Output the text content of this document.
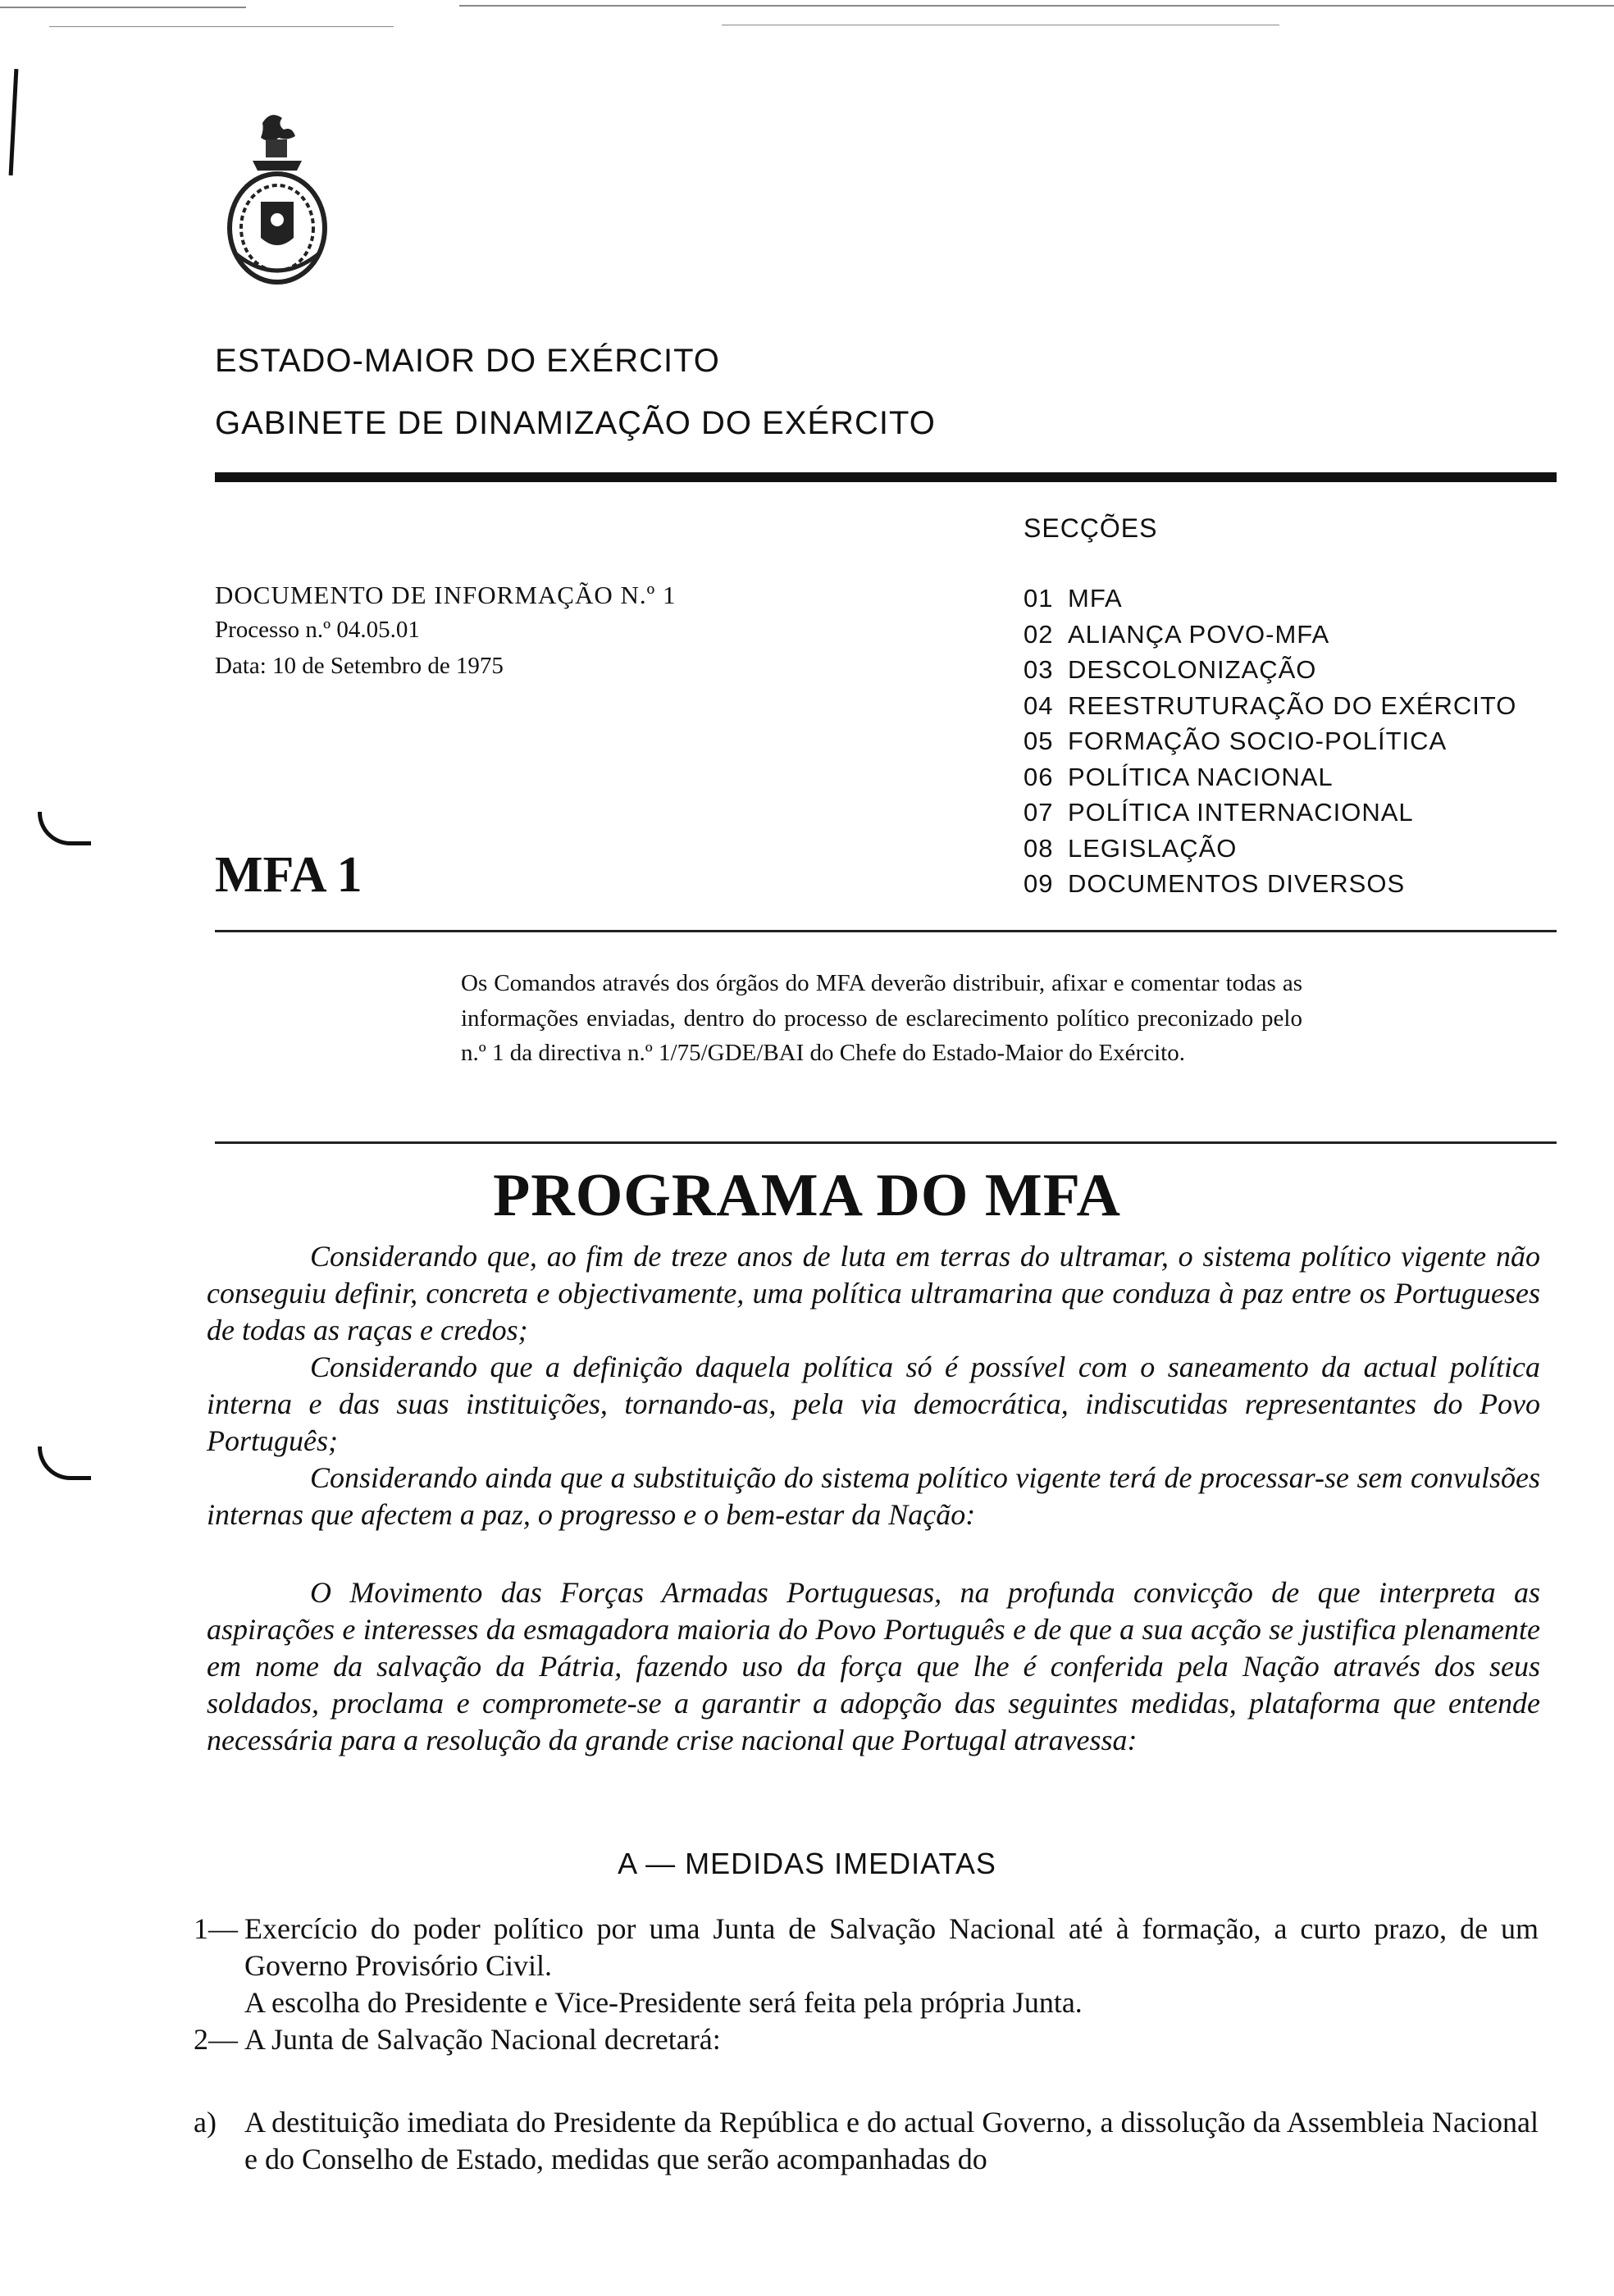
ESTADO-MAIOR DO EXÉRCITO
GABINETE DE DINAMIZAÇÃO DO EXÉRCITO
SECÇÕES
DOCUMENTO DE INFORMAÇÃO N.º 1
Processo n.º 04.05.01
Data: 10 de Setembro de 1975
01 MFA
02 ALIANÇA POVO-MFA
03 DESCOLONIZAÇÃO
04 REESTRUTURAÇÃO DO EXÉRCITO
05 FORMAÇÃO SOCIO-POLÍTICA
06 POLÍTICA NACIONAL
07 POLÍTICA INTERNACIONAL
08 LEGISLAÇÃO
09 DOCUMENTOS DIVERSOS
MFA 1
Os Comandos através dos órgãos do MFA deverão distribuir, afixar e comentar todas as informações enviadas, dentro do processo de esclarecimento político preconizado pelo n.º 1 da directiva n.º 1/75/GDE/BAI do Chefe do Estado-Maior do Exército.
PROGRAMA DO MFA

Considerando que, ao fim de treze anos de luta em terras do ultramar, o sistema político vigente não conseguiu definir, concreta e objectivamente, uma política ultramarina que conduza à paz entre os Portugueses de todas as raças e credos;

Considerando que a definição daquela política só é possível com o saneamento da actual política interna e das suas instituições, tornando-as, pela via democrática, indiscutidas representantes do Povo Português;

Considerando ainda que a substituição do sistema político vigente terá de processar-se sem convulsões internas que afectem a paz, o progresso e o bem-estar da Nação:

O Movimento das Forças Armadas Portuguesas, na profunda convicção de que interpreta as aspirações e interesses da esmagadora maioria do Povo Português e de que a sua acção se justifica plenamente em nome da salvação da Pátria, fazendo uso da força que lhe é conferida pela Nação através dos seus soldados, proclama e compromete-se a garantir a adopção das seguintes medidas, plataforma que entende necessária para a resolução da grande crise nacional que Portugal atravessa:

A — MEDIDAS IMEDIATAS
1— Exercício do poder político por uma Junta de Salvação Nacional até à formação, a curto prazo, de um Governo Provisório Civil.

A escolha do Presidente e Vice-Presidente será feita pela própria Junta.

2— A Junta de Salvação Nacional decretará:

a) A destituição imediata do Presidente da República e do actual Governo, a dissolução da Assembleia Nacional e do Conselho de Estado, medidas que serão acompanhadas do
